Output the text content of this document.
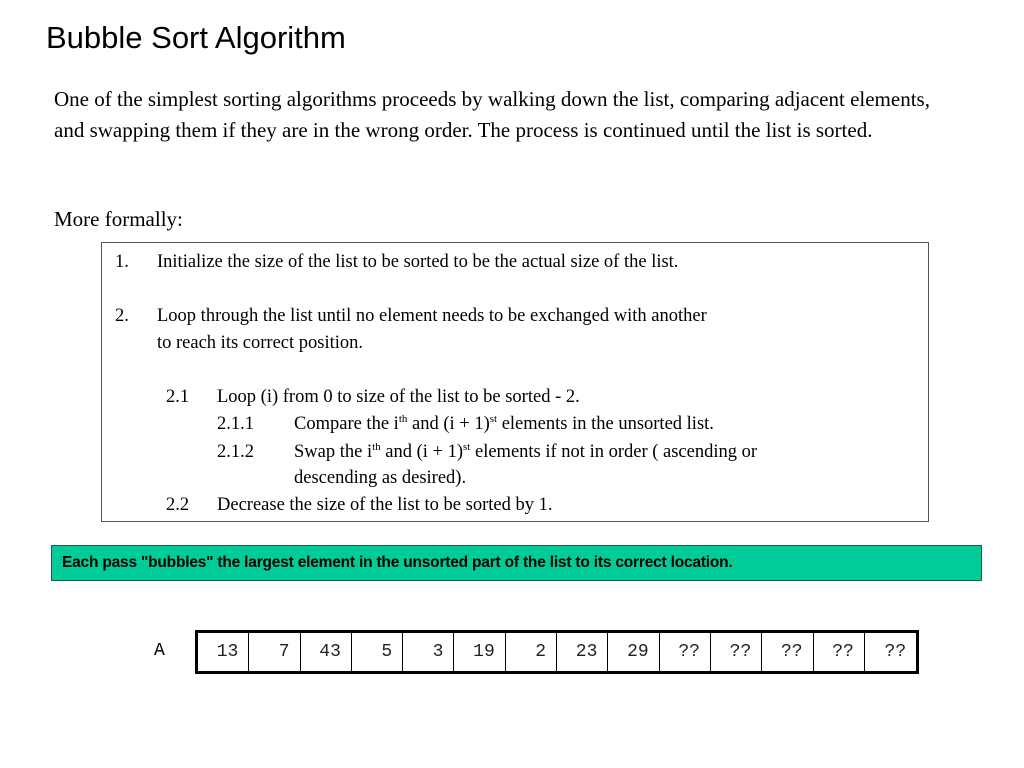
Bubble Sort Algorithm
One of the simplest sorting algorithms proceeds by walking down the list, comparing adjacent elements, and swapping them if they are in the wrong order. The process is continued until the list is sorted.
More formally:
1. Initialize the size of the list to be sorted to be the actual size of the list.
2. Loop through the list until no element needs to be exchanged with another
to reach its correct position.
2.1 Loop (i) from 0 to size of the list to be sorted - 2.
2.1.1 Compare the $i^{th}$ and $(i + 1)^{st}$ elements in the unsorted list.
2.1.2 Swap the $i^{th}$ and $(i + 1)^{st}$ elements if not in order ( ascending or
descending as desired).
2.2 Decrease the size of the list to be sorted by 1.
Each pass "bubbles" the largest element in the unsorted part of the list to its correct location.
A	13	7	43	5	3	19	2	23	29	??	??	??	??	??
